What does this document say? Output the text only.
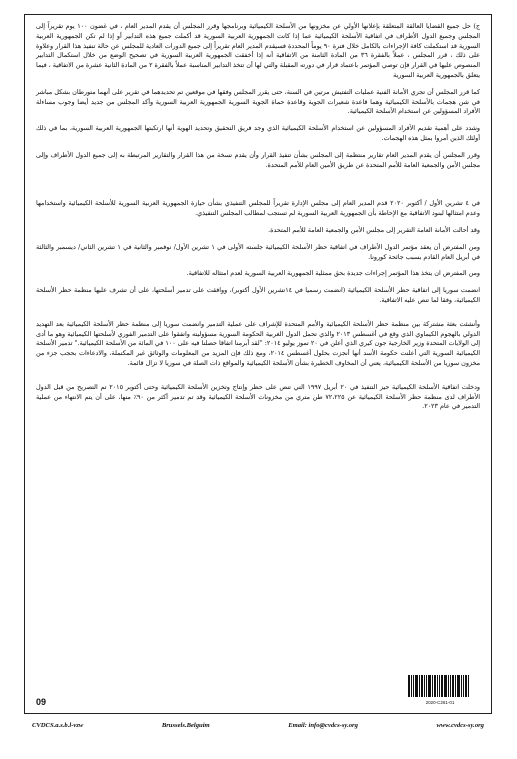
ج) حل جميع القضايا العالقة المتعلقة بإعلانها الأولي عن مخزونها من الأسلحة الكيميائية وبرنامجها وقرر المجلس أن يقدم المدير العام ، في غضون ١٠٠ يوم تقريراً إلى المجلس وجميع الدول الأطراف في اتفاقية الأسلحة الكيميائية عما إذا كانت الجمهورية العربية السورية قد أكملت جميع هذه التدابير أو إذا لم تكن الجمهورية العربية السورية قد استكملت كافة الإجراءات بالكامل خلال فترة ٩٠ يوماً المحددة فسيقدم المدير العام تقريراً إلى جميع الدورات العادية للمجلس عن حالة تنفيذ هذا القرار وعلاوة على ذلك ، قرر المجلس ، عملاً بالفقرة ٣٦ من المادة الثامنة من الاتفاقية أنه إذا أخفقت الجمهورية العربية السورية في تصحيح الوضع من خلال استكمال التدابير المنصوص عليها في القرار فإن توصي المؤتمر باعتماد قرار في دورته المقبلة والتي لها أن تتخذ التدابير المناسبة عملاً بالفقرة ٢ من المادة الثانية عشرة من الاتفاقية ، فيما يتعلق بالجمهورية العربية السورية

كما قرر المجلس أن تجري الأمانة الفنية عمليات التفتيش مرتين في السنة، حتى يقرر المجلس وفقها في موقعين تم تحديدهما في تقرير على أنهما متورطان بشكل مباشر في شن هجمات بالأسلحة الكيميائية وهما قاعدة شعيرات الجوية وقاعدة حماة الجوية السورية الجمهورية العربية السورية وأكد المجلس من جديد أيضا وجوب مساءلة الأفراد المسؤولين عن استخدام الأسلحة الكيميائية.

وشدد على أهمية تقديم الأفراد المسؤولين عن استخدام الأسلحة الكيميائية الذي وجد فريق التحقيق وتحديد الهوية أنها ارتكبتها الجمهورية العربية السورية، بما في ذلك أولئك الذين أمروا بمثل هذه الهجمات.

وقرر المجلس أن يقدم المدير العام تقارير منتظمة إلى المجلس بشأن تنفيذ القرار وأن يقدم نسخة من هذا القرار والتقارير المرتبطة به إلى جميع الدول الأطراف وإلى مجلس الأمن والجمعية العامة للأمم المتحدة عن طريق الأمين العام للأمم المتحدة.

في ٤ تشرين الأول / أكتوبر ٢٠٢٠ قدم المدير العام إلى مجلس الإدارة تقريراً للمجلس التنفيذي بشأن حيازة الجمهورية العربية السورية للأسلحة الكيميائية واستخدامها وعدم امتثالها لبنود الاتفاقية مع الإحاطة بأن الجمهورية العربية السورية لم تستجب لمطالب المجلس التنفيذي.

وقد أحالت الأمانة العامة التقرير إلى مجلس الأمن والجمعية العامة للأمم المتحدة.

ومن المفترض أن يعقد مؤتمر الدول الأطراف في اتفاقية حظر الأسلحة الكيميائية جلسته الأولى في ١ تشرين الأول/ نوفمبر والثانية في ١ تشرين الثاني/ ديسمبر والثالثة في أبريل العام القادم بسبب جائحة كورونا.

ومن المفترض ان يتخذ هذا المؤتمر إجراءات جديدة بحق ممثلية الجمهورية العربية السورية لعدم امتثاله للاتفاقية.

انضمت سوريا إلى اتفاقية حظر الأسلحة الكيميائية (انضمت رسميا في ١٤تشرين الأول أكتوبر)، ووافقت على تدمير أسلحتها، على أن تشرف عليها منظمة حظر الأسلحة الكيميائية، وفقا لما تنص عليه الاتفاقية.

وأنشئت بعثة مشتركة بين منظمة حظر الأسلحة الكيميائية والأمم المتحدة للإشراف على عملية التدمير وانضمت سوريا إلى منظمة حظر الأسلحة الكيميائية بعد التهديد الدولي بالهجوم الكيماوي الذي وقع في أغسطس ٢٠١٣ والذي تحمل الدول الغربية الحكومة السورية مسؤوليته واتفقوا على التدمير الفوري لأسلحتها الكيميائية وهو ما أدى إلى الولايات المتحدة وزير الخارجية جون كيري الذي أعلن في ٢٠ تموز يوليو ٢٠١٤: "لقد أبرمنا اتفاقا حصلنا فيه على ١٠٠ في المائة من الأسلحة الكيميائية." تدمير الأسلحة الكيميائية السورية التي أعلنت حكومة الأسد أنها أنجزت بحلول أغسطس ٢٠١٤، ومع ذلك فإن المزيد من المعلومات والوثائق غير المكتملة، والادعاءات بحجب جزء من مخزون سوريا من الأسلحة الكيميائية، يعني أن المخاوف الخطيرة بشأن الأسلحة الكيميائية والمواقع ذات الصلة في سوريا لا تزال قائمة.

ودخلت اتفاقية الأسلحة الكيميائية حيز التنفيذ في ٢٠ أبريل ١٩٩٧ التي تنص على حظر وإنتاج وتخزين الأسلحة الكيميائية وحتى أكتوبر ٢٠١٥ تم التصريح من قبل الدول الأطراف لدى منظمة حظر الأسلحة الكيميائية عن ٧٢،٢٢٥ طن متري من مخزونات الأسلحة الكيميائية وقد تم تدمير أكثر من ٩٠٪ منها، على أن يتم الانتهاء من عملية التدمير في عام ٢٠٢٣.

2020-C261-01
09
CVDCS.a.s.b.l-vzw	Brussels.Belguim	Email: info@cvdcs-sy.org	www.cvdcs-sy.org
